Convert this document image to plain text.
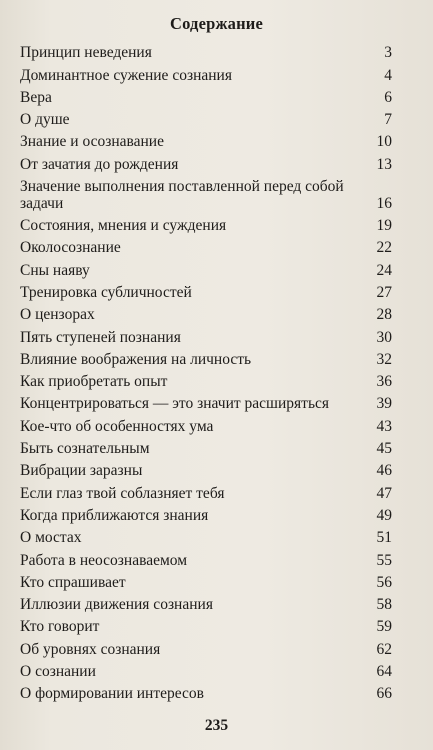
Содержание
Принцип неведения	3
Доминантное сужение сознания	4
Вера	6
О душе	7
Знание и осознавание	10
От зачатия до рождения	13
Значение выполнения поставленной перед собой задачи	16
Состояния, мнения и суждения	19
Околосознание	22
Сны наяву	24
Тренировка субличностей	27
О цензорах	28
Пять ступеней познания	30
Влияние воображения на личность	32
Как приобретать опыт	36
Концентрироваться — это значит расширяться	39
Кое-что об особенностях ума	43
Быть сознательным	45
Вибрации заразны	46
Если глаз твой соблазняет тебя	47
Когда приближаются знания	49
О мостах	51
Работа в неосознаваемом	55
Кто спрашивает	56
Иллюзии движения сознания	58
Кто говорит	59
Об уровнях сознания	62
О сознании	64
О формировании интересов	66
235
